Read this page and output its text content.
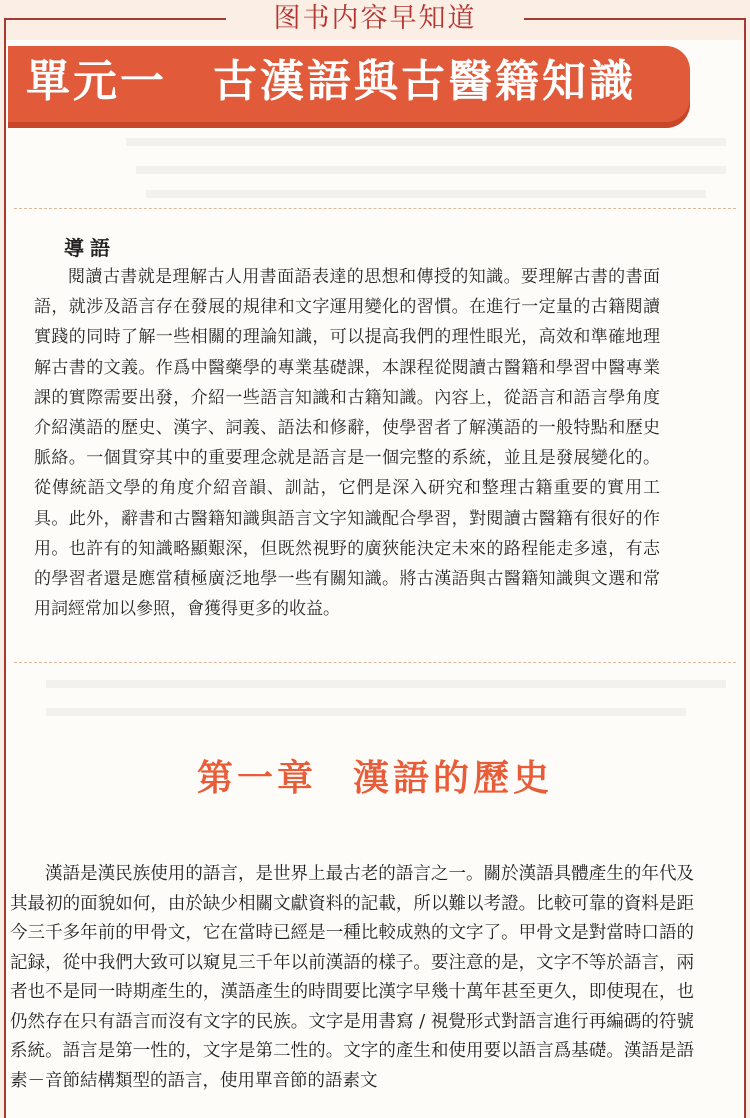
图书内容早知道
單元一 古漢語與古醫籍知識
導語

閱讀古書就是理解古人用書面語表達的思想和傳授的知識。要理解古書的書面語，就涉及語言存在發展的規律和文字運用變化的習慣。在進行一定量的古籍閱讀實踐的同時了解一些相關的理論知識，可以提高我們的理性眼光，高效和準確地理解古書的文義。作爲中醫藥學的專業基礎課，本課程從閱讀古醫籍和學習中醫專業課的實際需要出發，介紹一些語言知識和古籍知識。內容上，從語言和語言學角度介紹漢語的歷史、漢字、詞義、語法和修辭，使學習者了解漢語的一般特點和歷史脈絡。一個貫穿其中的重要理念就是語言是一個完整的系統，並且是發展變化的。從傳統語文學的角度介紹音韻、訓詁，它們是深入研究和整理古籍重要的實用工具。此外，辭書和古醫籍知識與語言文字知識配合學習，對閱讀古醫籍有很好的作用。也許有的知識略顯艱深，但既然視野的廣狹能決定未來的路程能走多遠，有志的學習者還是應當積極廣泛地學一些有關知識。將古漢語與古醫籍知識與文選和常用詞經常加以參照，會獲得更多的收益。

第一章 漢語的歷史

漢語是漢民族使用的語言，是世界上最古老的語言之一。關於漢語具體產生的年代及其最初的面貌如何，由於缺少相關文獻資料的記載，所以難以考證。比較可靠的資料是距今三千多年前的甲骨文，它在當時已經是一種比較成熟的文字了。甲骨文是對當時口語的記録，從中我們大致可以窺見三千年以前漢語的樣子。要注意的是，文字不等於語言，兩者也不是同一時期產生的，漢語產生的時間要比漢字早幾十萬年甚至更久，即使現在，也仍然存在只有語言而沒有文字的民族。文字是用書寫 / 視覺形式對語言進行再編碼的符號系統。語言是第一性的，文字是第二性的。文字的產生和使用要以語言爲基礎。漢語是語素－音節結構類型的語言，使用單音節的語素文
